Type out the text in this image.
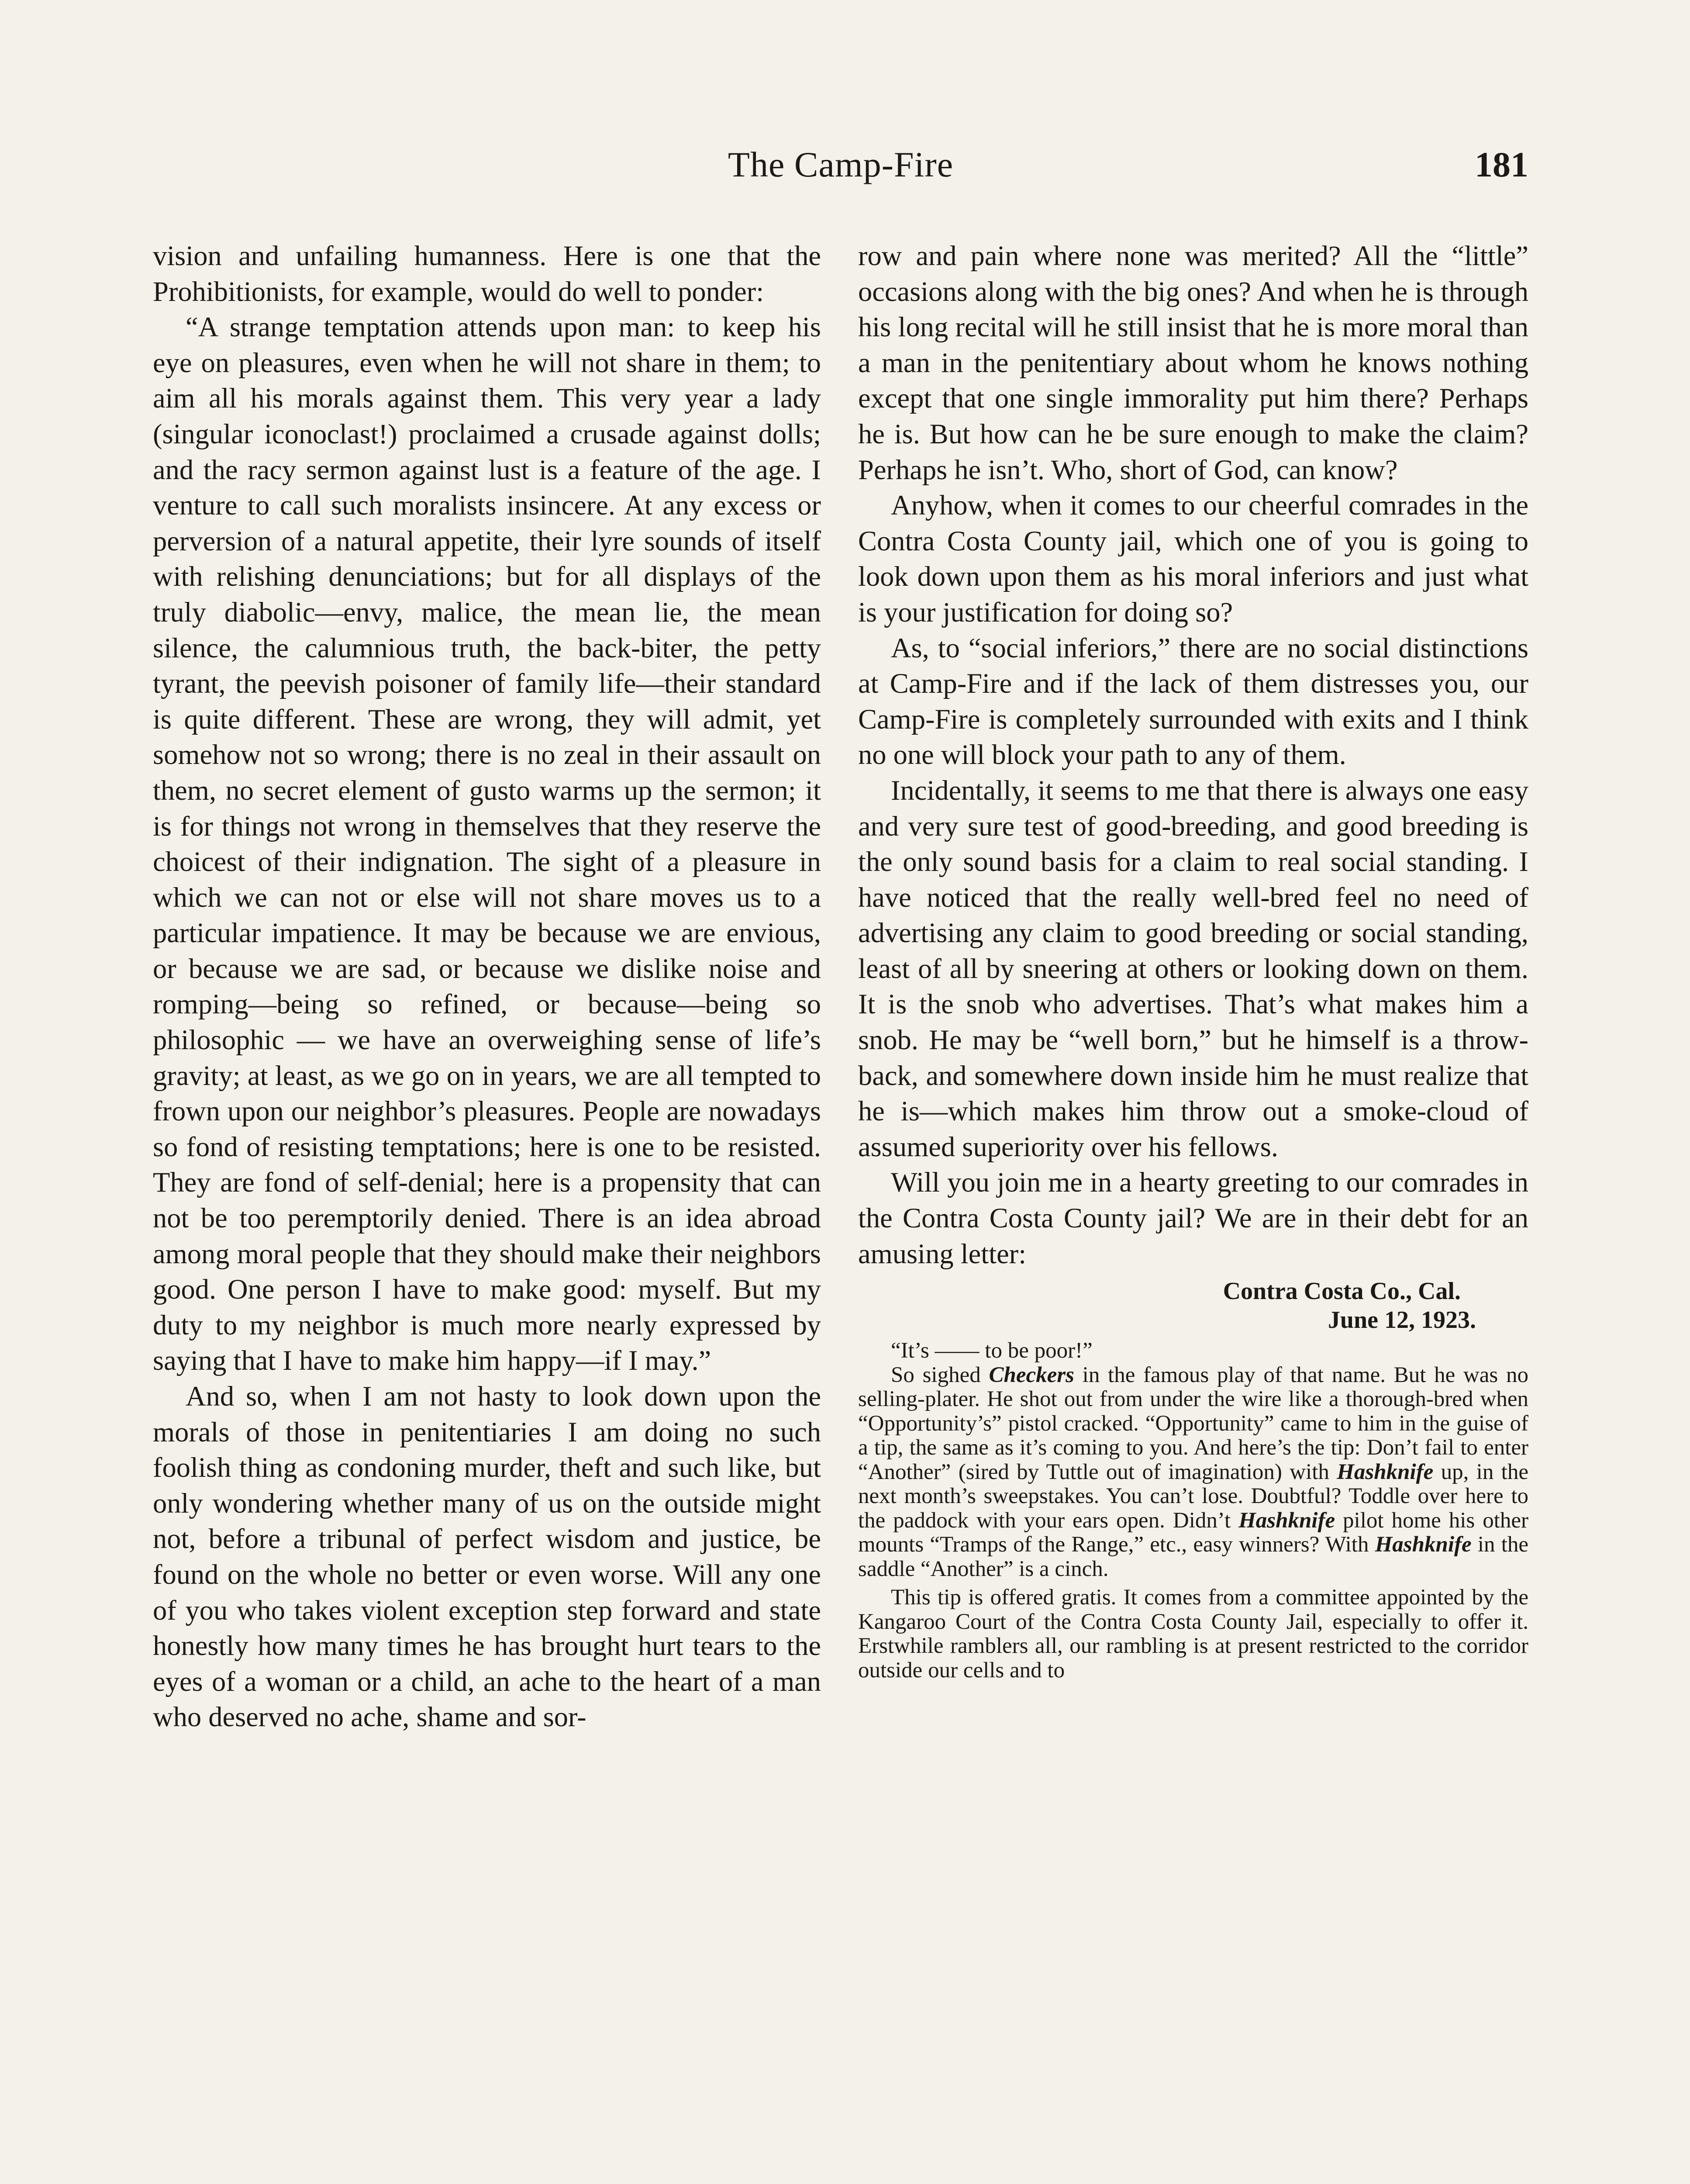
The Camp-Fire	181

vision and unfailing humanness. Here is one that the Prohibitionists, for example, would do well to ponder:

“A strange temptation attends upon man: to keep his eye on pleasures, even when he will not share in them; to aim all his morals against them. This very year a lady (singular iconoclast!) proclaimed a crusade against dolls; and the racy sermon against lust is a feature of the age. I venture to call such moralists insincere. At any excess or perversion of a natural appetite, their lyre sounds of itself with relishing denunciations; but for all displays of the truly diabolic—envy, malice, the mean lie, the mean silence, the calumnious truth, the back-biter, the petty tyrant, the peevish poisoner of family life—their standard is quite different. These are wrong, they will admit, yet somehow not so wrong; there is no zeal in their assault on them, no secret element of gusto warms up the sermon; it is for things not wrong in themselves that they reserve the choicest of their indignation. The sight of a pleasure in which we can not or else will not share moves us to a particular impatience. It may be because we are envious, or because we are sad, or because we dislike noise and romping—being so refined, or because—being so philosophic — we have an overweighing sense of life’s gravity; at least, as we go on in years, we are all tempted to frown upon our neighbor’s pleasures. People are nowadays so fond of resisting temptations; here is one to be resisted. They are fond of self-denial; here is a propensity that can not be too peremptorily denied. There is an idea abroad among moral people that they should make their neighbors good. One person I have to make good: myself. But my duty to my neighbor is much more nearly expressed by saying that I have to make him happy—if I may.”

And so, when I am not hasty to look down upon the morals of those in penitentiaries I am doing no such foolish thing as condoning murder, theft and such like, but only wondering whether many of us on the outside might not, before a tribunal of perfect wisdom and justice, be found on the whole no better or even worse. Will any one of you who takes violent exception step forward and state honestly how many times he has brought hurt tears to the eyes of a woman or a child, an ache to the heart of a man who deserved no ache, shame and sor-

row and pain where none was merited? All the “little” occasions along with the big ones? And when he is through his long recital will he still insist that he is more moral than a man in the penitentiary about whom he knows nothing except that one single immorality put him there? Perhaps he is. But how can he be sure enough to make the claim? Perhaps he isn’t. Who, short of God, can know?

Anyhow, when it comes to our cheerful comrades in the Contra Costa County jail, which one of you is going to look down upon them as his moral inferiors and just what is your justification for doing so?

As, to “social inferiors,” there are no social distinctions at Camp-Fire and if the lack of them distresses you, our Camp-Fire is completely surrounded with exits and I think no one will block your path to any of them.

Incidentally, it seems to me that there is always one easy and very sure test of good-breeding, and good breeding is the only sound basis for a claim to real social standing. I have noticed that the really well-bred feel no need of advertising any claim to good breeding or social standing, least of all by sneering at others or looking down on them. It is the snob who advertises. That’s what makes him a snob. He may be “well born,” but he himself is a throw-back, and somewhere down inside him he must realize that he is—which makes him throw out a smoke-cloud of assumed superiority over his fellows.

Will you join me in a hearty greeting to our comrades in the Contra Costa County jail? We are in their debt for an amusing letter:

Contra Costa Co., Cal.
June 12, 1923.

“It’s —— to be poor!”

So sighed Checkers in the famous play of that name. But he was no selling-plater. He shot out from under the wire like a thorough-bred when “Opportunity’s” pistol cracked. “Opportunity” came to him in the guise of a tip, the same as it’s coming to you. And here’s the tip: Don’t fail to enter “Another” (sired by Tuttle out of imagination) with Hashknife up, in the next month’s sweepstakes. You can’t lose. Doubtful? Toddle over here to the paddock with your ears open. Didn’t Hashknife pilot home his other mounts “Tramps of the Range,” etc., easy winners? With Hashknife in the saddle “Another” is a cinch.

This tip is offered gratis. It comes from a committee appointed by the Kangaroo Court of the Contra Costa County Jail, especially to offer it. Erstwhile ramblers all, our rambling is at present restricted to the corridor outside our cells and to
